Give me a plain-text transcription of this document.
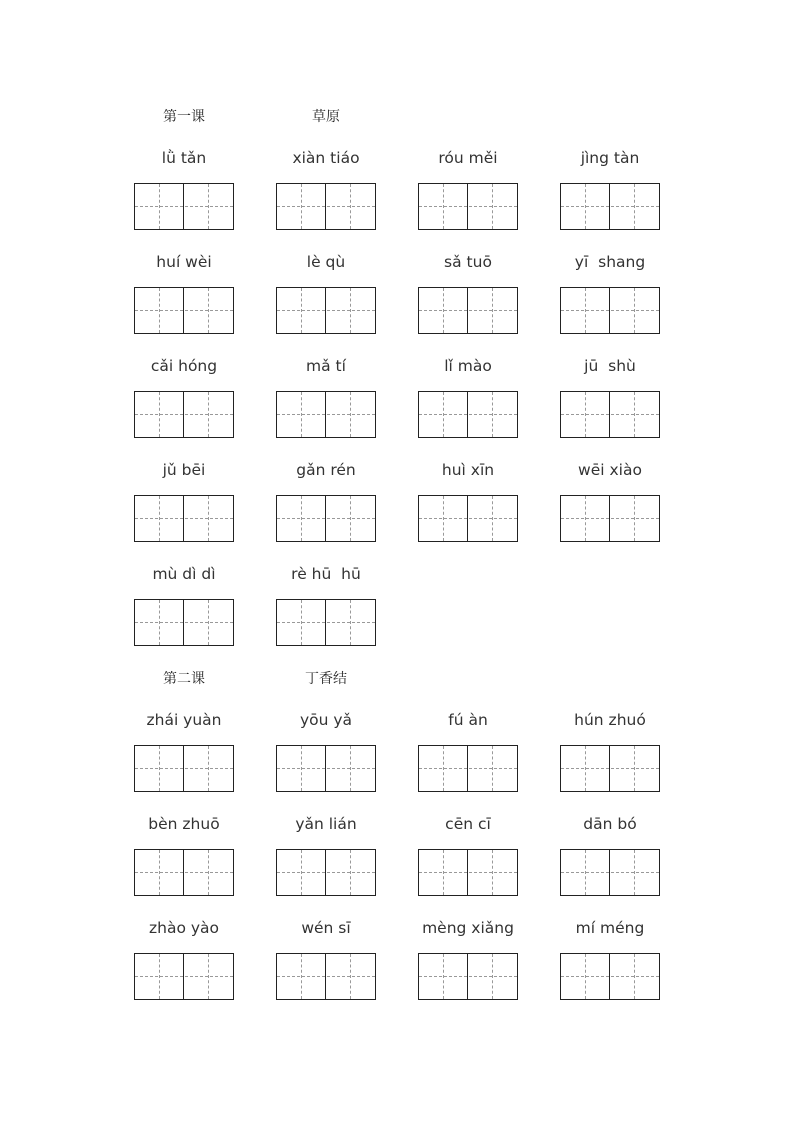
第一课	草原
lǜ tǎn	xiàn tiáo	róu měi	jìng tàn
huí wèi	lè qù	sǎ tuō	yī  shang
cǎi hóng	mǎ tí	lǐ mào	jū  shù
jǔ bēi	gǎn rén	huì xīn	wēi xiào
mù dì dì	rè hū  hū
第二课	丁香结
zhái yuàn	yōu yǎ	fú àn	hún zhuó
bèn zhuō	yǎn lián	cēn cī	dān bó
zhào yào	wén sī	mèng xiǎng	mí méng
